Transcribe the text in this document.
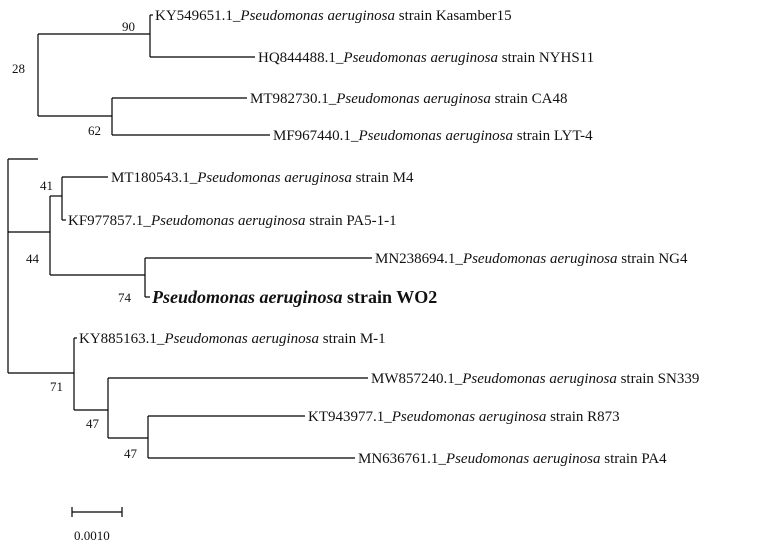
90
28
62
41
44
74
71
47
47
KY549651.1_Pseudomonas aeruginosa strain Kasamber15
HQ844488.1_Pseudomonas aeruginosa strain NYHS11
MT982730.1_Pseudomonas aeruginosa strain CA48
MF967440.1_Pseudomonas aeruginosa strain LYT-4
MT180543.1_Pseudomonas aeruginosa strain M4
KF977857.1_Pseudomonas aeruginosa strain PA5-1-1
MN238694.1_Pseudomonas aeruginosa strain NG4
Pseudomonas aeruginosa strain WO2
KY885163.1_Pseudomonas aeruginosa strain M-1
MW857240.1_Pseudomonas aeruginosa strain SN339
KT943977.1_Pseudomonas aeruginosa strain R873
MN636761.1_Pseudomonas aeruginosa strain PA4
0.0010
